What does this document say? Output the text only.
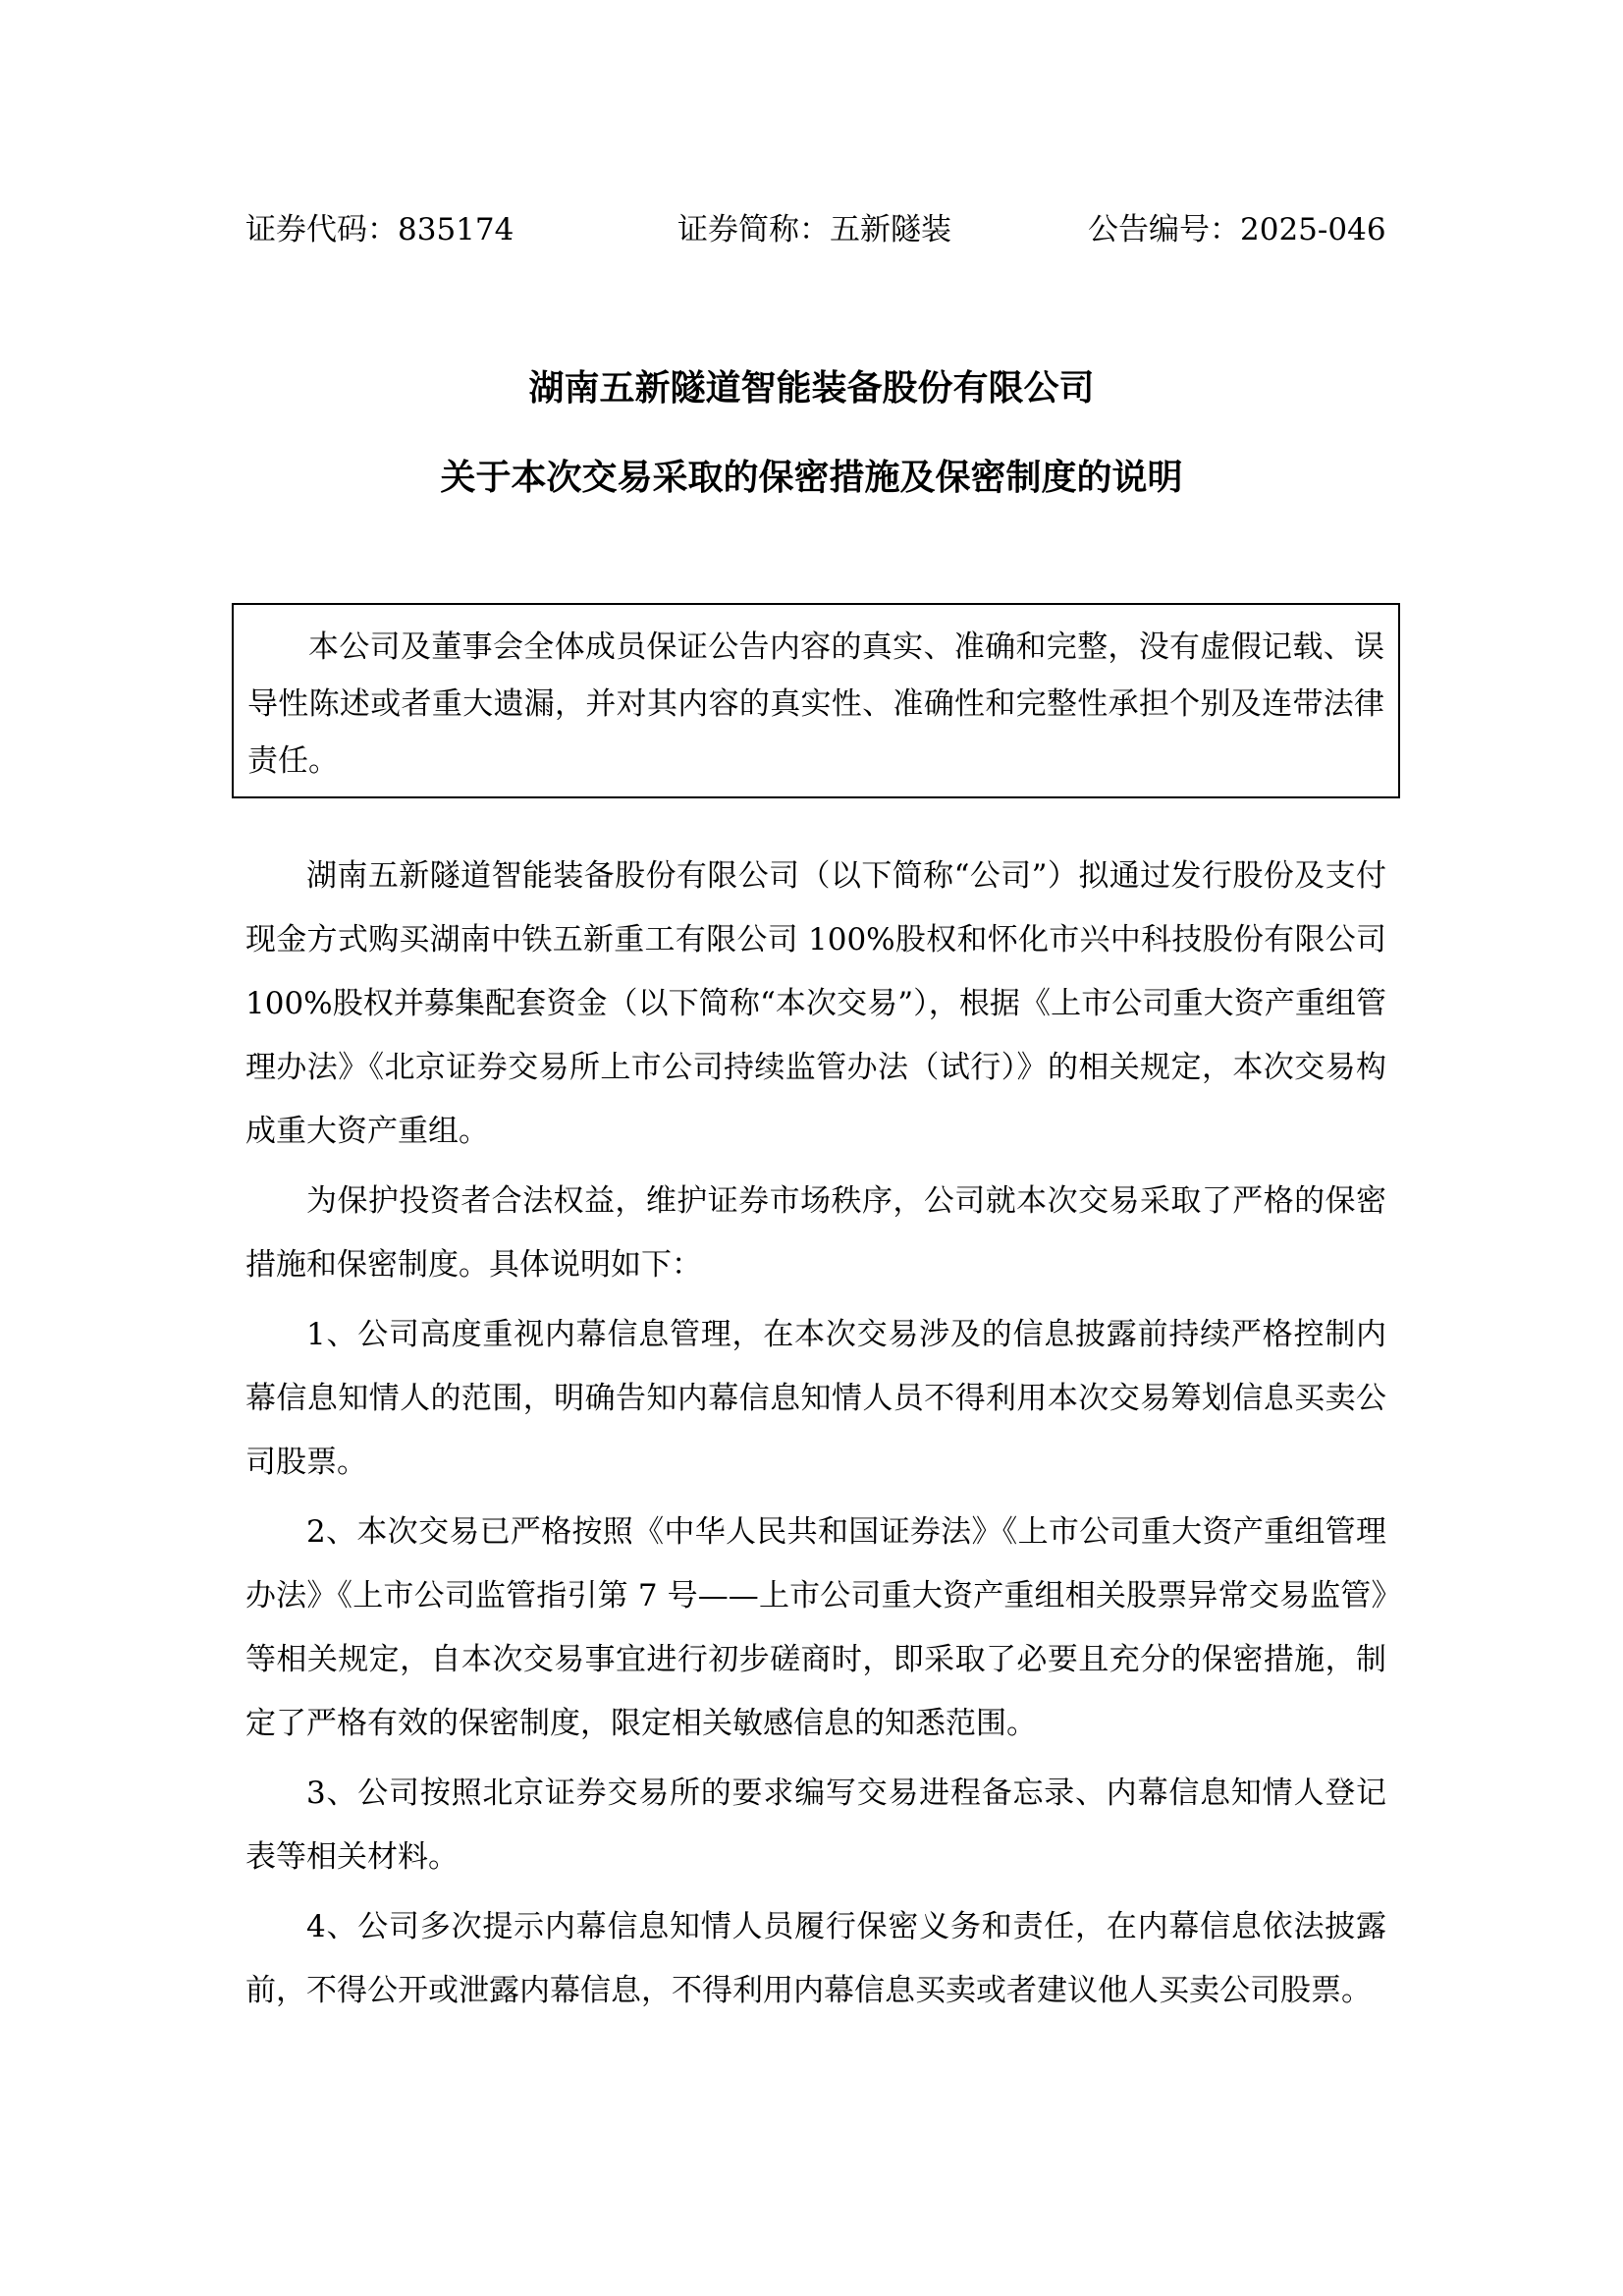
证券代码：835174	证券简称：五新隧装	公告编号：2025-046
湖南五新隧道智能装备股份有限公司
关于本次交易采取的保密措施及保密制度的说明

本公司及董事会全体成员保证公告内容的真实、准确和完整，没有虚假记载、误导性陈述或者重大遗漏，并对其内容的真实性、准确性和完整性承担个别及连带法律责任。

湖南五新隧道智能装备股份有限公司（以下简称“公司”）拟通过发行股份及支付现金方式购买湖南中铁五新重工有限公司 100%股权和怀化市兴中科技股份有限公司 100%股权并募集配套资金（以下简称“本次交易”），根据《上市公司重大资产重组管理办法》《北京证券交易所上市公司持续监管办法（试行）》的相关规定，本次交易构成重大资产重组。

为保护投资者合法权益，维护证券市场秩序，公司就本次交易采取了严格的保密措施和保密制度。具体说明如下：

1、公司高度重视内幕信息管理，在本次交易涉及的信息披露前持续严格控制内幕信息知情人的范围，明确告知内幕信息知情人员不得利用本次交易筹划信息买卖公司股票。

2、本次交易已严格按照《中华人民共和国证券法》《上市公司重大资产重组管理办法》《上市公司监管指引第 7 号——上市公司重大资产重组相关股票异常交易监管》等相关规定，自本次交易事宜进行初步磋商时，即采取了必要且充分的保密措施，制定了严格有效的保密制度，限定相关敏感信息的知悉范围。

3、公司按照北京证券交易所的要求编写交易进程备忘录、内幕信息知情人登记表等相关材料。

4、公司多次提示内幕信息知情人员履行保密义务和责任，在内幕信息依法披露前，不得公开或泄露内幕信息，不得利用内幕信息买卖或者建议他人买卖公司股票。
